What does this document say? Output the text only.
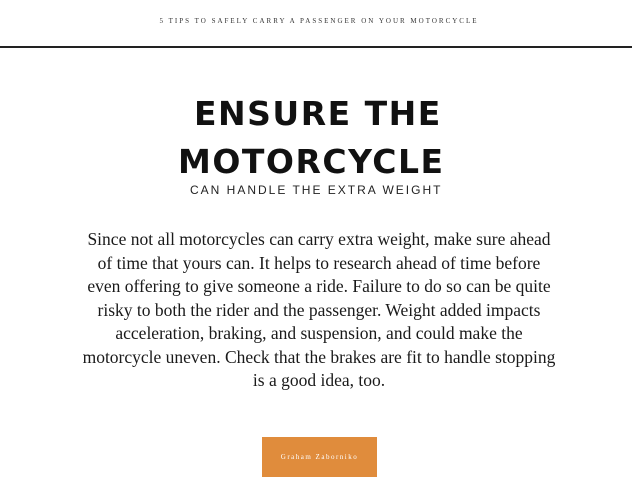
5 TIPS TO SAFELY CARRY A PASSENGER ON YOUR MOTORCYCLE
ENSURE THE
MOTORCYCLE
CAN HANDLE THE EXTRA WEIGHT
Since not all motorcycles can carry extra weight, make sure ahead of time that yours can. It helps to research ahead of time before even offering to give someone a ride. Failure to do so can be quite risky to both the rider and the passenger. Weight added impacts acceleration, braking, and suspension, and could make the motorcycle uneven. Check that the brakes are fit to handle stopping is a good idea, too.
Graham Zaborniko
